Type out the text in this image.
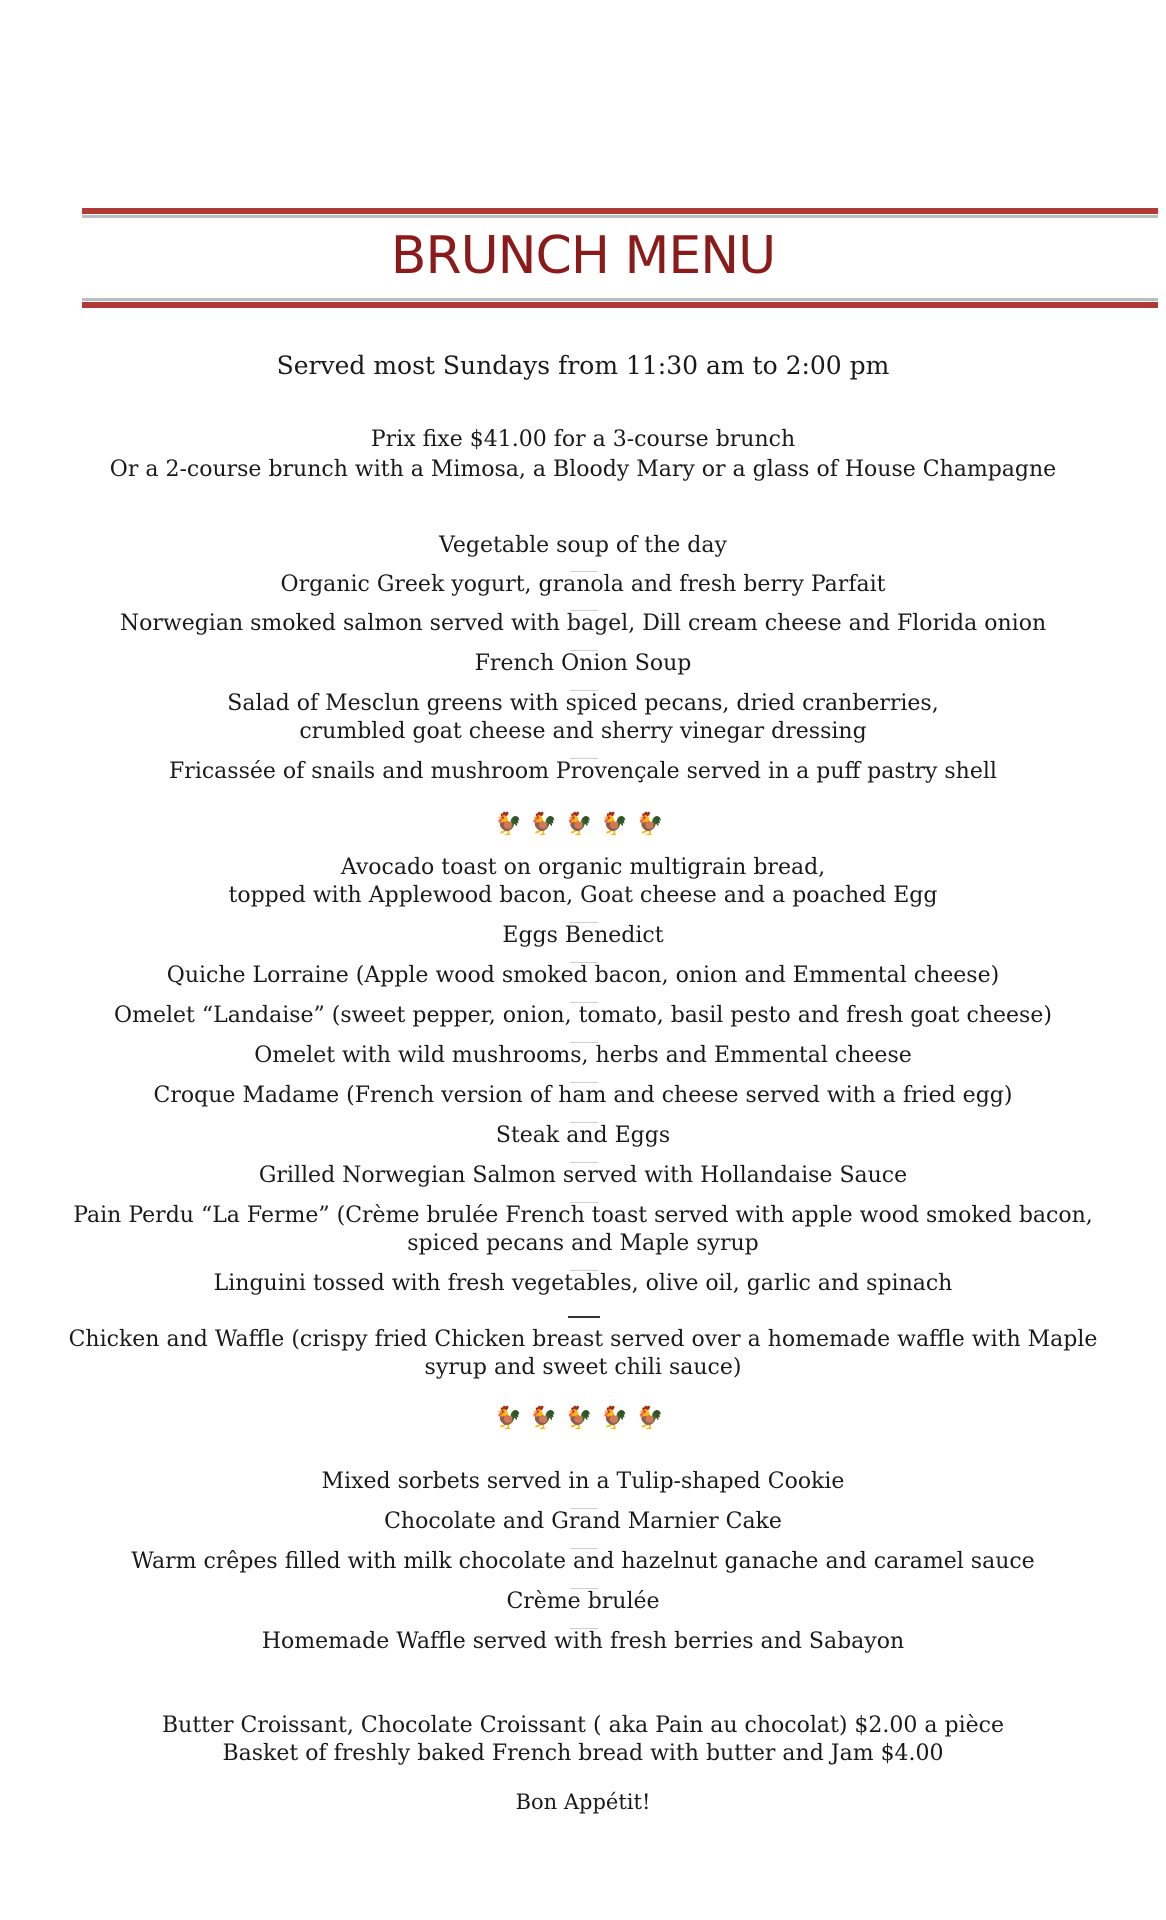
BRUNCH MENU
Served most Sundays from 11:30 am to 2:00 pm
Prix fixe $41.00 for a 3-course brunch
Or a 2-course brunch with a Mimosa, a Bloody Mary or a glass of House Champagne
Vegetable soup of the day
Organic Greek yogurt, granola and fresh berry Parfait
Norwegian smoked salmon served with bagel, Dill cream cheese and Florida onion
French Onion Soup
Salad of Mesclun greens with spiced pecans, dried cranberries,
crumbled goat cheese and sherry vinegar dressing
Fricassée of snails and mushroom Provençale served in a puff pastry shell
🐓🐓🐓🐓🐓
Avocado toast on organic multigrain bread,
topped with Applewood bacon, Goat cheese and a poached Egg
Eggs Benedict
Quiche Lorraine (Apple wood smoked bacon, onion and Emmental cheese)
Omelet “Landaise” (sweet pepper, onion, tomato, basil pesto and fresh goat cheese)
Omelet with wild mushrooms, herbs and Emmental cheese
Croque Madame (French version of ham and cheese served with a fried egg)
Steak and Eggs
Grilled Norwegian Salmon served with Hollandaise Sauce
Pain Perdu “La Ferme” (Crème brulée French toast served with apple wood smoked bacon,
spiced pecans and Maple syrup
Linguini tossed with fresh vegetables, olive oil, garlic and spinach
Chicken and Waffle (crispy fried Chicken breast served over a homemade waffle with Maple
syrup and sweet chili sauce)
🐓🐓🐓🐓🐓
Mixed sorbets served in a Tulip-shaped Cookie
Chocolate and Grand Marnier Cake
Warm crêpes filled with milk chocolate and hazelnut ganache and caramel sauce
Crème brulée
Homemade Waffle served with fresh berries and Sabayon
Butter Croissant, Chocolate Croissant ( aka Pain au chocolat) $2.00 a pièce
Basket of freshly baked French bread with butter and Jam $4.00
Bon Appétit!
